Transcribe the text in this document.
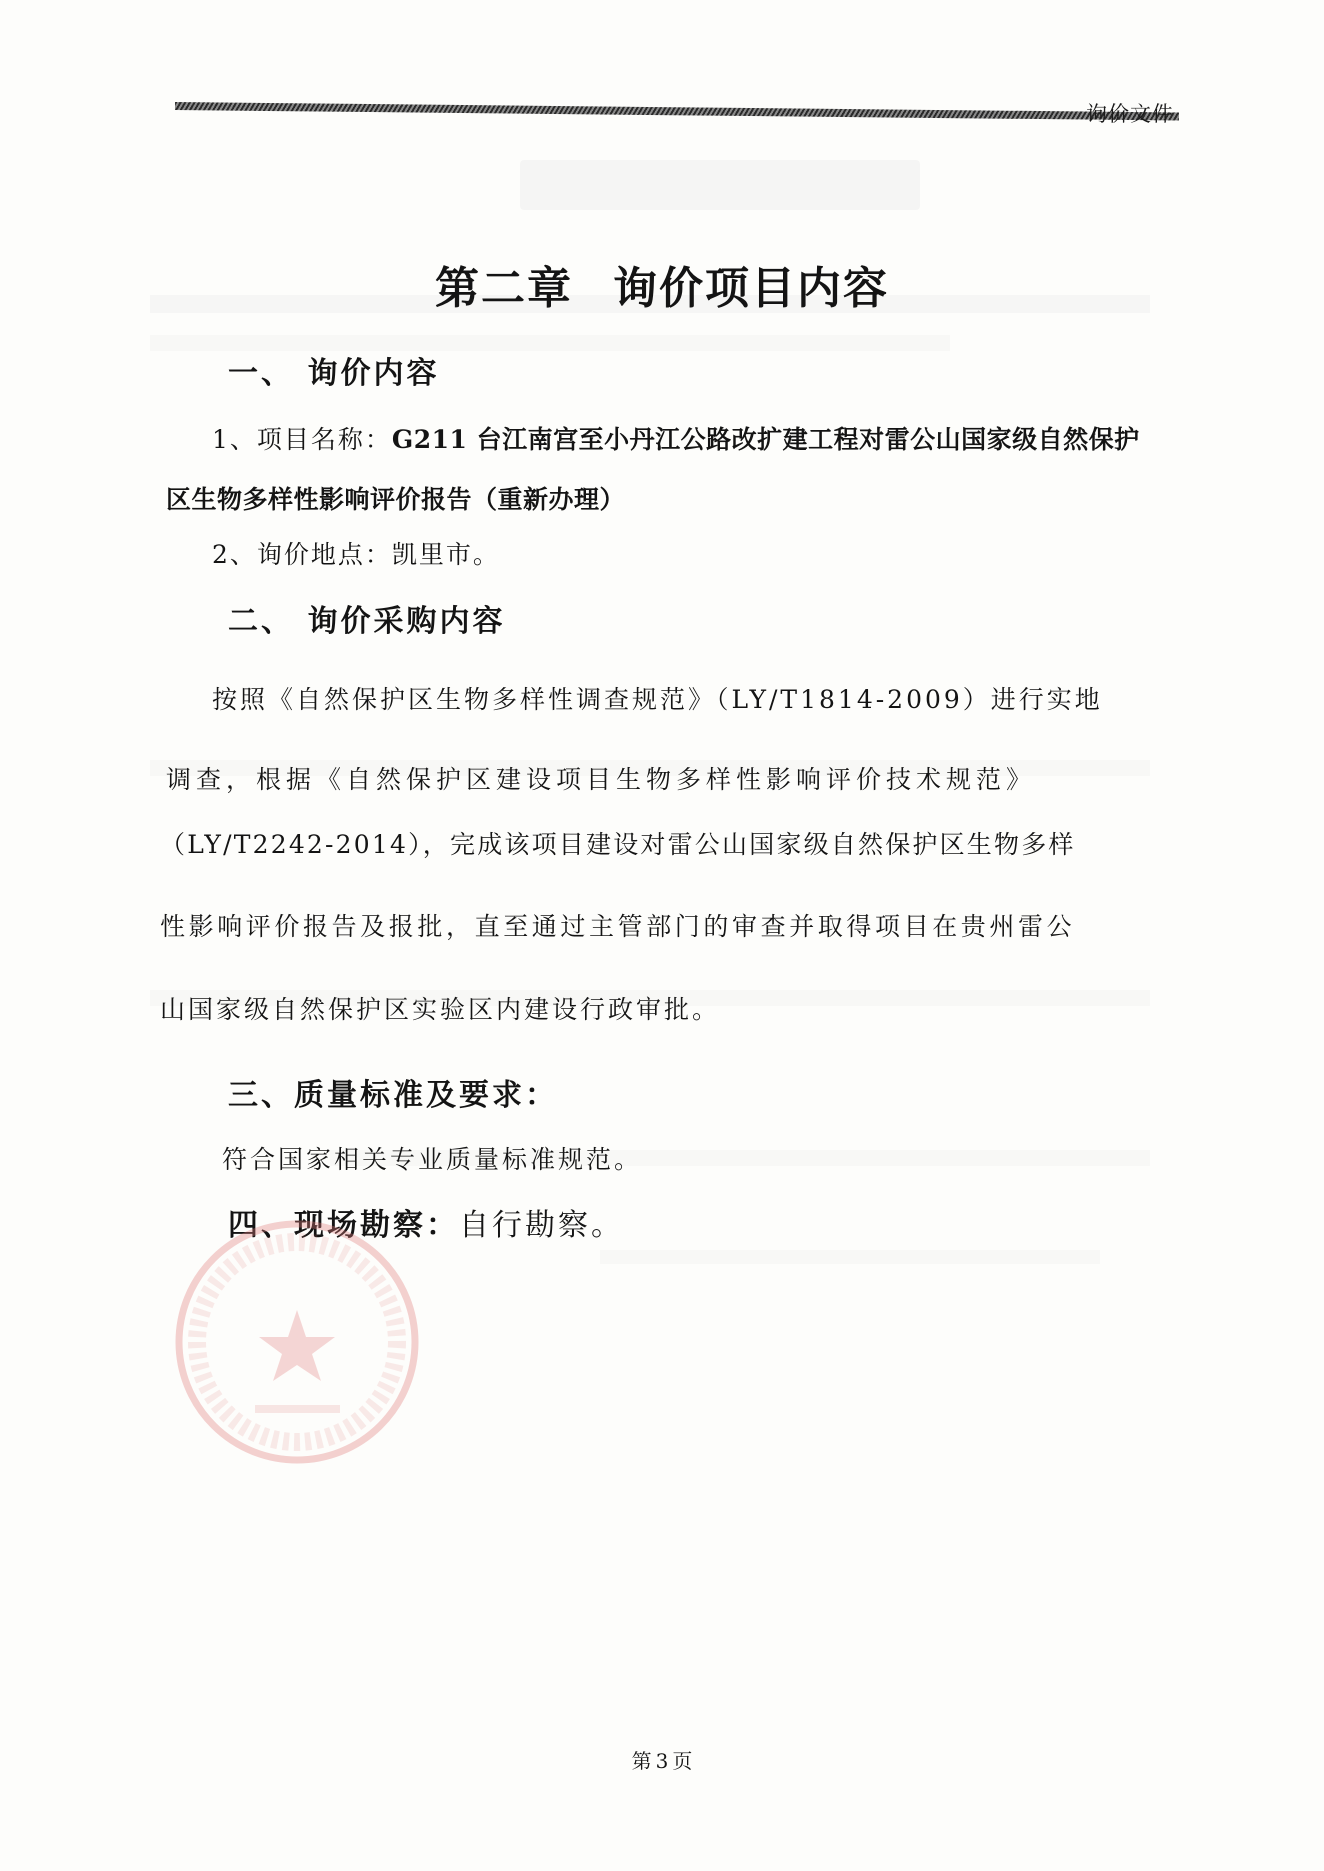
询价文件
第二章 询价项目内容
一、 询价内容
1、项目名称：G211 台江南宫至小丹江公路改扩建工程对雷公山国家级自然保护
区生物多样性影响评价报告（重新办理）
2、询价地点：凯里市。
二、 询价采购内容
按照《自然保护区生物多样性调查规范》（LY/T1814-2009）进行实地
调查，根据《自然保护区建设项目生物多样性影响评价技术规范》
（LY/T2242-2014），完成该项目建设对雷公山国家级自然保护区生物多样
性影响评价报告及报批，直至通过主管部门的审查并取得项目在贵州雷公
山国家级自然保护区实验区内建设行政审批。
三、质量标准及要求：
符合国家相关专业质量标准规范。
四、现场勘察：自行勘察。
第 3 页
